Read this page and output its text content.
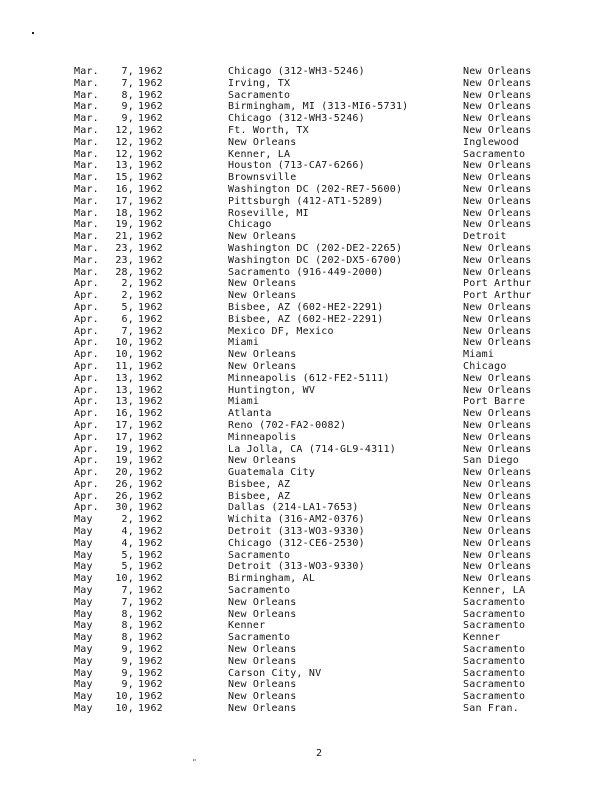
Mar.	7, 1962	Chicago (312-WH3-5246)	New Orleans
Mar.	7, 1962	Irving, TX	New Orleans
Mar.	8, 1962	Sacramento	New Orleans
Mar.	9, 1962	Birmingham, MI (313-MI6-5731)	New Orleans
Mar.	9, 1962	Chicago (312-WH3-5246)	New Orleans
Mar. 12, 1962	Ft. Worth, TX	New Orleans
Mar. 12, 1962	New Orleans	Inglewood
Mar. 12, 1962	Kenner, LA	Sacramento
Mar. 13, 1962	Houston (713-CA7-6266)	New Orleans
Mar. 15, 1962	Brownsville	New Orleans
Mar. 16, 1962	Washington DC (202-RE7-5600)	New Orleans
Mar. 17, 1962	Pittsburgh (412-AT1-5289)	New Orleans
Mar. 18, 1962	Roseville, MI	New Orleans
Mar. 19, 1962	Chicago	New Orleans
Mar. 21, 1962	New Orleans	Detroit
Mar. 23, 1962	Washington DC (202-DE2-2265)	New Orleans
Mar. 23, 1962	Washington DC (202-DX5-6700)	New Orleans
Mar. 28, 1962	Sacramento (916-449-2000)	New Orleans
Apr.	2, 1962	New Orleans	Port Arthur
Apr.	2, 1962	New Orleans	Port Arthur
Apr.	5, 1962	Bisbee, AZ (602-HE2-2291)	New Orleans
Apr.	6, 1962	Bisbee, AZ (602-HE2-2291)	New Orleans
Apr.	7, 1962	Mexico DF, Mexico	New Orleans
Apr. 10, 1962	Miami	New Orleans
Apr. 10, 1962	New Orleans	Miami
Apr. 11, 1962	New Orleans	Chicago
Apr. 13, 1962	Minneapolis (612-FE2-5111)	New Orleans
Apr. 13, 1962	Huntington, WV	New Orleans
Apr. 13, 1962	Miami	Port Barre
Apr. 16, 1962	Atlanta	New Orleans
Apr. 17, 1962	Reno (702-FA2-0082)	New Orleans
Apr. 17, 1962	Minneapolis	New Orleans
Apr. 19, 1962	La Jolla, CA (714-GL9-4311)	New Orleans
Apr. 19, 1962	New Orleans	San Diego
Apr. 20, 1962	Guatemala City	New Orleans
Apr. 26, 1962	Bisbee, AZ	New Orleans
Apr. 26, 1962	Bisbee, AZ	New Orleans
Apr. 30, 1962	Dallas (214-LA1-7653)	New Orleans
May	2, 1962	Wichita (316-AM2-0376)	New Orleans
May	4, 1962	Detroit (313-WO3-9330)	New Orleans
May	4, 1962	Chicago (312-CE6-2530)	New Orleans
May	5, 1962	Sacramento	New Orleans
May	5, 1962	Detroit (313-WO3-9330)	New Orleans
May 10, 1962	Birmingham, AL	New Orleans
May	7, 1962	Sacramento	Kenner, LA
May	7, 1962	New Orleans	Sacramento
May	8, 1962	New Orleans	Sacramento
May	8, 1962	Kenner	Sacramento
May	8, 1962	Sacramento	Kenner
May	9, 1962	New Orleans	Sacramento
May	9, 1962	New Orleans	Sacramento
May	9, 1962	Carson City, NV	Sacramento
May	9, 1962	New Orleans	Sacramento
May 10, 1962	New Orleans	Sacramento
May 10, 1962	New Orleans	San Fran.
2
"
